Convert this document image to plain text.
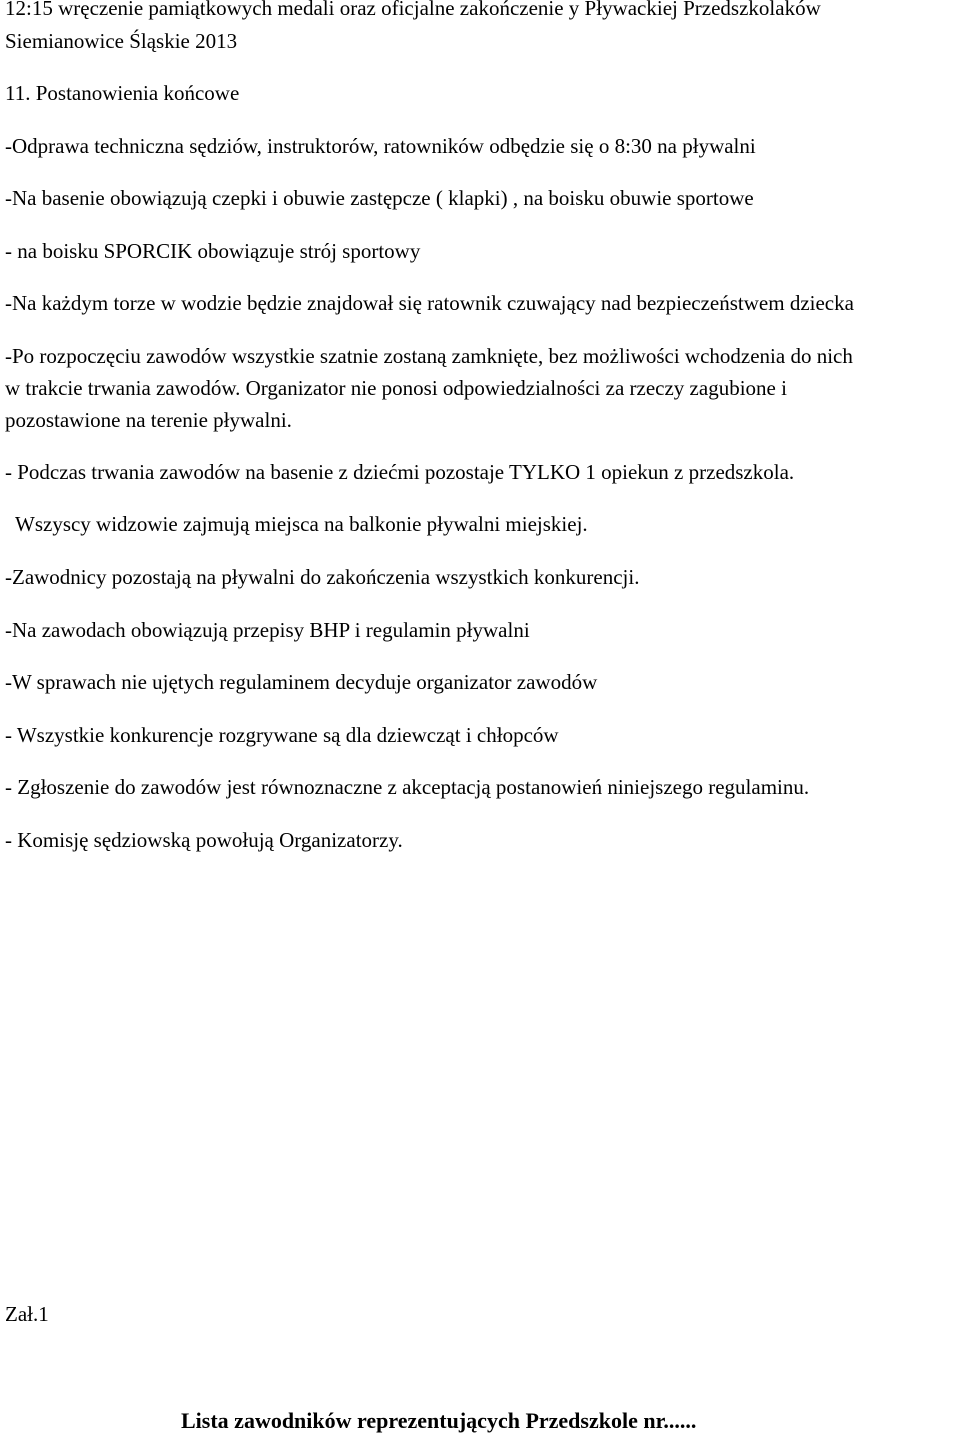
12:15 wręczenie pamiątkowych medali oraz oficjalne zakończenie y Pływackiej Przedszkolaków
Siemianowice Śląskie 2013
11. Postanowienia końcowe
-Odprawa techniczna sędziów, instruktorów, ratowników odbędzie się o 8:30 na pływalni
-Na basenie obowiązują czepki i obuwie zastępcze ( klapki) , na boisku obuwie sportowe
- na boisku SPORCIK obowiązuje strój sportowy
-Na każdym torze w wodzie będzie znajdował się ratownik czuwający nad bezpieczeństwem dziecka
-Po rozpoczęciu zawodów wszystkie szatnie zostaną zamknięte, bez możliwości wchodzenia do nich
w trakcie trwania zawodów. Organizator nie ponosi odpowiedzialności za rzeczy zagubione i
pozostawione na terenie pływalni.
- Podczas trwania zawodów na basenie z dziećmi pozostaje TYLKO 1 opiekun z przedszkola.
Wszyscy widzowie zajmują miejsca na balkonie pływalni miejskiej.
-Zawodnicy pozostają na pływalni do zakończenia wszystkich konkurencji.
-Na zawodach obowiązują przepisy BHP i regulamin pływalni
-W sprawach nie ujętych regulaminem decyduje organizator zawodów
- Wszystkie konkurencje rozgrywane są dla dziewcząt i chłopców
- Zgłoszenie do zawodów jest równoznaczne z akceptacją postanowień niniejszego regulaminu.
- Komisję sędziowską powołują Organizatorzy.
Zał.1
Lista zawodników reprezentujących Przedszkole nr......
